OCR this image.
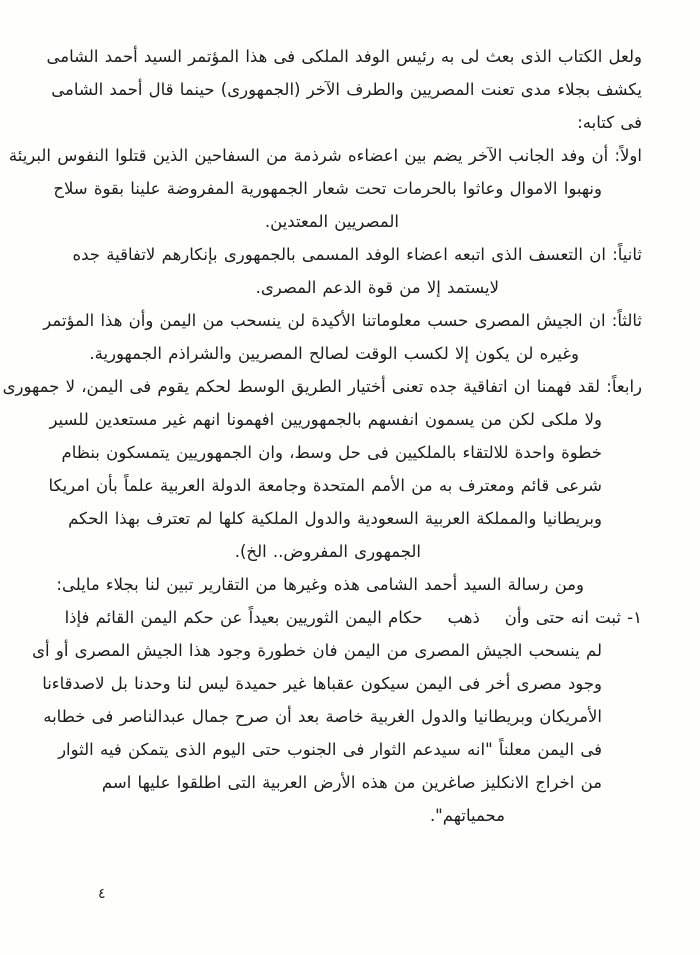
ولعل الكتاب الذى بعث لى به رئيس الوفد الملكى فى هذا المؤتمر السيد أحمد الشامى
يكشف بجلاء مدى تعنت المصريين والطرف الآخر (الجمهورى) حينما قال أحمد الشامى
فى كتابه:
اولاً: أن وفد الجانب الآخر يضم بين اعضاءه شرذمة من السفاحين الذين قتلوا النفوس البريئة
ونهبوا الاموال وعاثوا بالحرمات تحت شعار الجمهورية المفروضة علينا بقوة سلاح
المصريين المعتدين.
ثانياً: ان التعسف الذى اتبعه اعضاء الوفد المسمى بالجمهورى بإنكارهم لاتفاقية جده
لايستمد إلا من قوة الدعم المصرى.
ثالثاً: ان الجيش المصرى حسب معلوماتنا الأكيدة لن ينسحب من اليمن وأن هذا المؤتمر
وغيره لن يكون إلا لكسب الوقت لصالح المصريين والشراذم الجمهورية.
رابعاً: لقد فهمنا ان اتفاقية جده تعنى أختيار الطريق الوسط لحكم يقوم فى اليمن، لا جمهورى
ولا ملكى لكن من يسمون انفسهم بالجمهوريين افهمونا انهم غير مستعدين للسير
خطوة واحدة للالتقاء بالملكيين فى حل وسط، وان الجمهوريين يتمسكون بنظام
شرعى قائم ومعترف به من الأمم المتحدة وجامعة الدولة العربية علماً بأن امريكا
وبريطانيا والمملكة العربية السعودية والدول الملكية كلها لم تعترف بهذا الحكم
الجمهورى المفروض.. الخ).
ومن رسالة السيد أحمد الشامى هذه وغيرها من التقارير تبين لنا بجلاء مايلى:
١- ثبت انه حتى وأن    ذهب    حكام اليمن الثوريين بعيداً عن حكم اليمن القائم فإذا
لم ينسحب الجيش المصرى من اليمن فان خطورة وجود هذا الجيش المصرى أو أى
وجود مصرى أخر فى اليمن سيكون عقباها غير حميدة ليس لنا وحدنا بل لاصدقاءنا
الأمريكان وبريطانيا والدول الغربية خاصة بعد أن صرح جمال عبدالناصر فى خطابه
فى اليمن معلناً "انه سيدعم الثوار فى الجنوب حتى اليوم الذى يتمكن فيه الثوار
من اخراج الانكليز صاغرين من هذه الأرض العربية التى اطلقوا عليها اسم
محمياتهم".
٤
